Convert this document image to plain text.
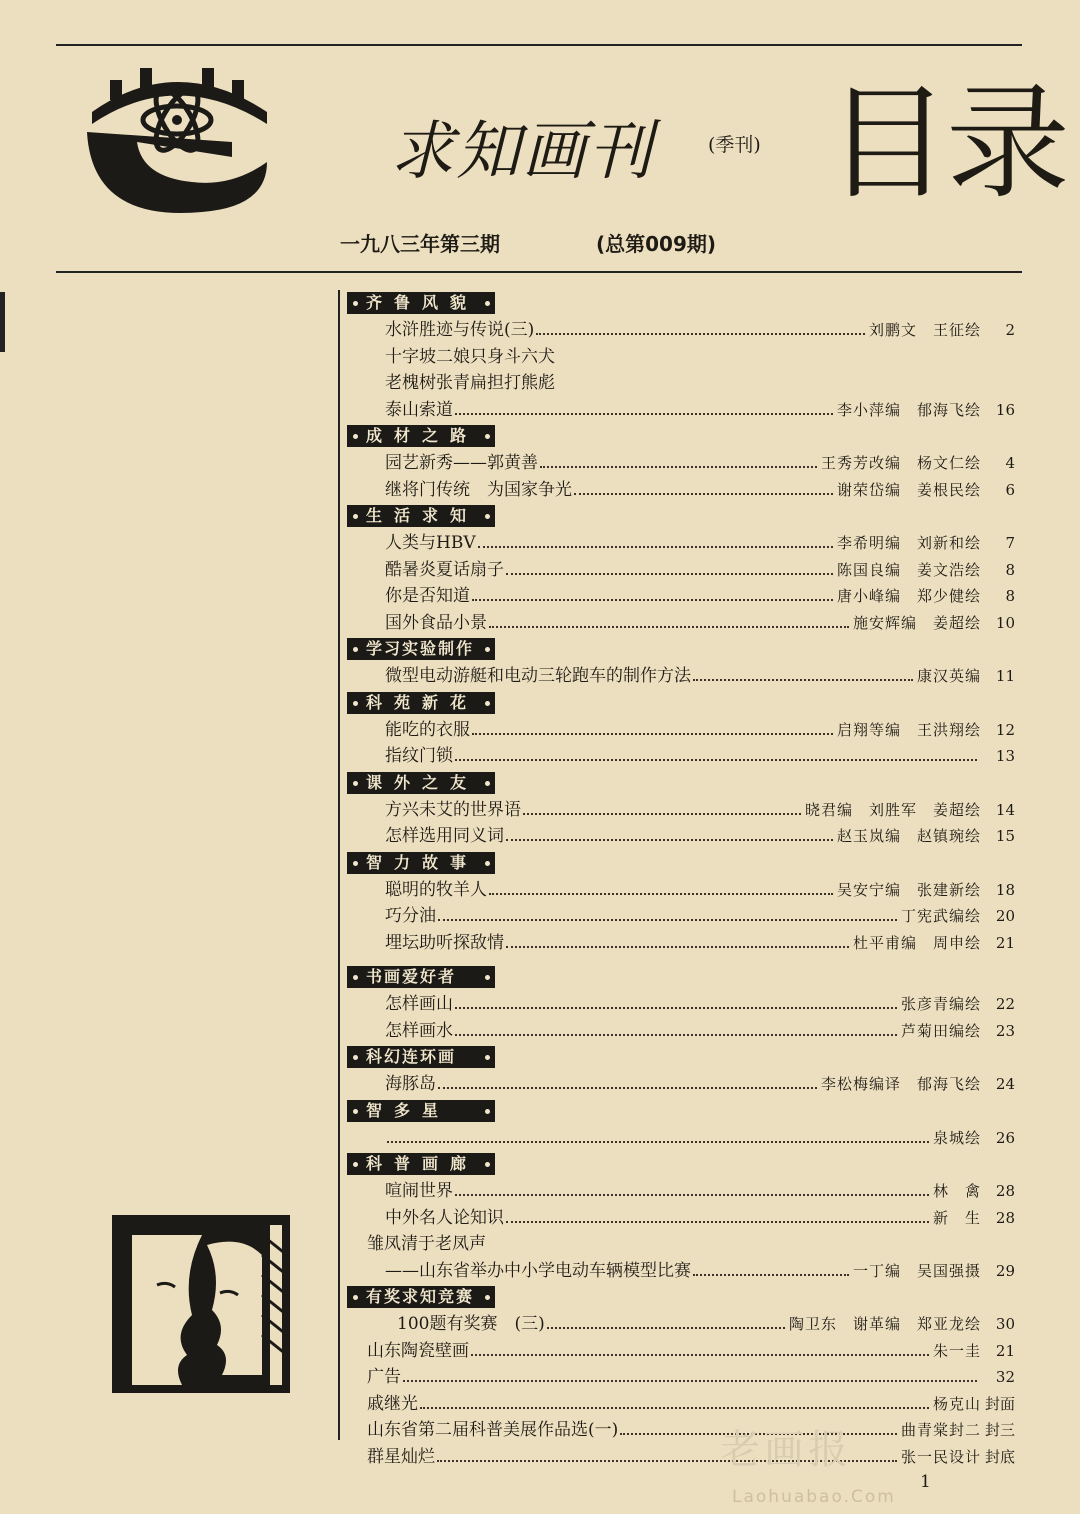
求知画刊	(季刊) 目录
一九八三年第三期	(总第009期)
齐鲁风貌
水浒胜迹与传说(三)	刘鹏文　王征绘	2
十字坡二娘只身斗六犬
老槐树张青扁担打熊彪
泰山索道	李小萍编　郁海飞绘 16
成材之路
园艺新秀——郭黄善	王秀芳改编　杨文仁绘	4
继将门传统　为国家争光	谢荣岱编　姜根民绘	6
生活求知
人类与HBV	李希明编　刘新和绘	7
酷暑炎夏话扇子	陈国良编　姜文浩绘	8
你是否知道	唐小峰编　郑少健绘	8
国外食品小景	施安辉编　姜超绘 10
学习实验制作
微型电动游艇和电动三轮跑车的制作方法	康汉英编 11
科苑新花
能吃的衣服	启翔等编　王洪翔绘 12
指纹门锁	13
课外之友
方兴未艾的世界语	晓君编　刘胜军　姜超绘 14
怎样选用同义词	赵玉岚编　赵镇琬绘 15
智力故事
聪明的牧羊人	吴安宁编　张建新绘 18
巧分油	丁宪武编绘 20
埋坛助听探敌情	杜平甫编　周申绘 21
书画爱好者
怎样画山	张彦青编绘 22
怎样画水	芦菊田编绘 23
科幻连环画
海豚岛	李松梅编译　郁海飞绘 24
智多星
泉城绘 26
科普画廊
喧闹世界	林　禽 28
中外名人论知识	新　生 28
雏凤清于老凤声
——山东省举办中小学电动车辆模型比赛	一丁编　吴国强摄 29
有奖求知竞赛
100题有奖赛　(三)	陶卫东　谢革编　郑亚龙绘 30
山东陶瓷壁画	朱一圭 21
广告	32
戚继光	杨克山 封面
山东省第二届科普美展作品选(一)	曲青棠封二 封三
群星灿烂	张一民设计 封底
老画报
Laohuabao.Com
1
